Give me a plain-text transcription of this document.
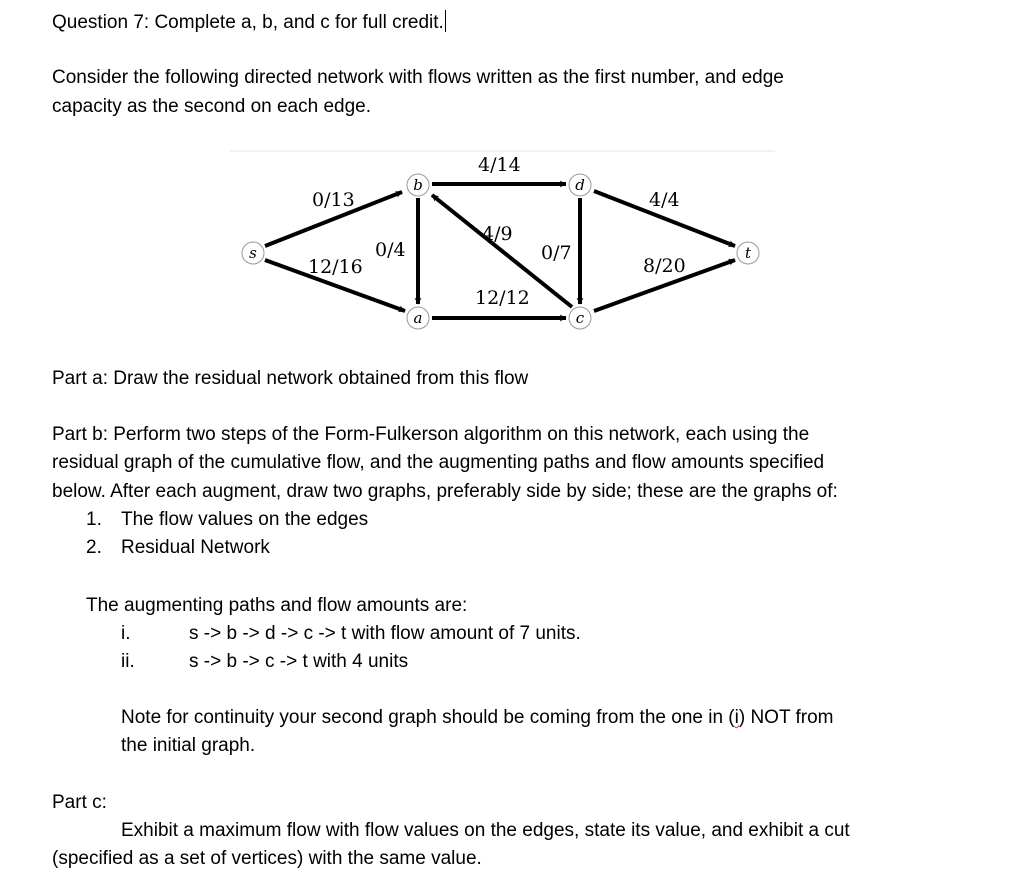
Question 7: Complete a, b, and c for full credit.
Consider the following directed network with flows written as the first number, and edge
capacity as the second on each edge.
s
b
a
d
c
t
0/13
12/16
0/4
4/14
4/9
0/7
12/12
4/4
8/20
Part a: Draw the residual network obtained from this flow
Part b: Perform two steps of the Form-Fulkerson algorithm on this network, each using the
residual graph of the cumulative flow, and the augmenting paths and flow amounts specified
below. After each augment, draw two graphs, preferably side by side; these are the graphs of:
1. The flow values on the edges
2. Residual Network
The augmenting paths and flow amounts are:
i.	s -> b -> d -> c -> t with flow amount of 7 units.
ii.	s -> b -> c -> t with 4 units
Note for continuity your second graph should be coming from the one in (i) NOT from
the initial graph.
Part c:
Exhibit a maximum flow with flow values on the edges, state its value, and exhibit a cut
(specified as a set of vertices) with the same value.
